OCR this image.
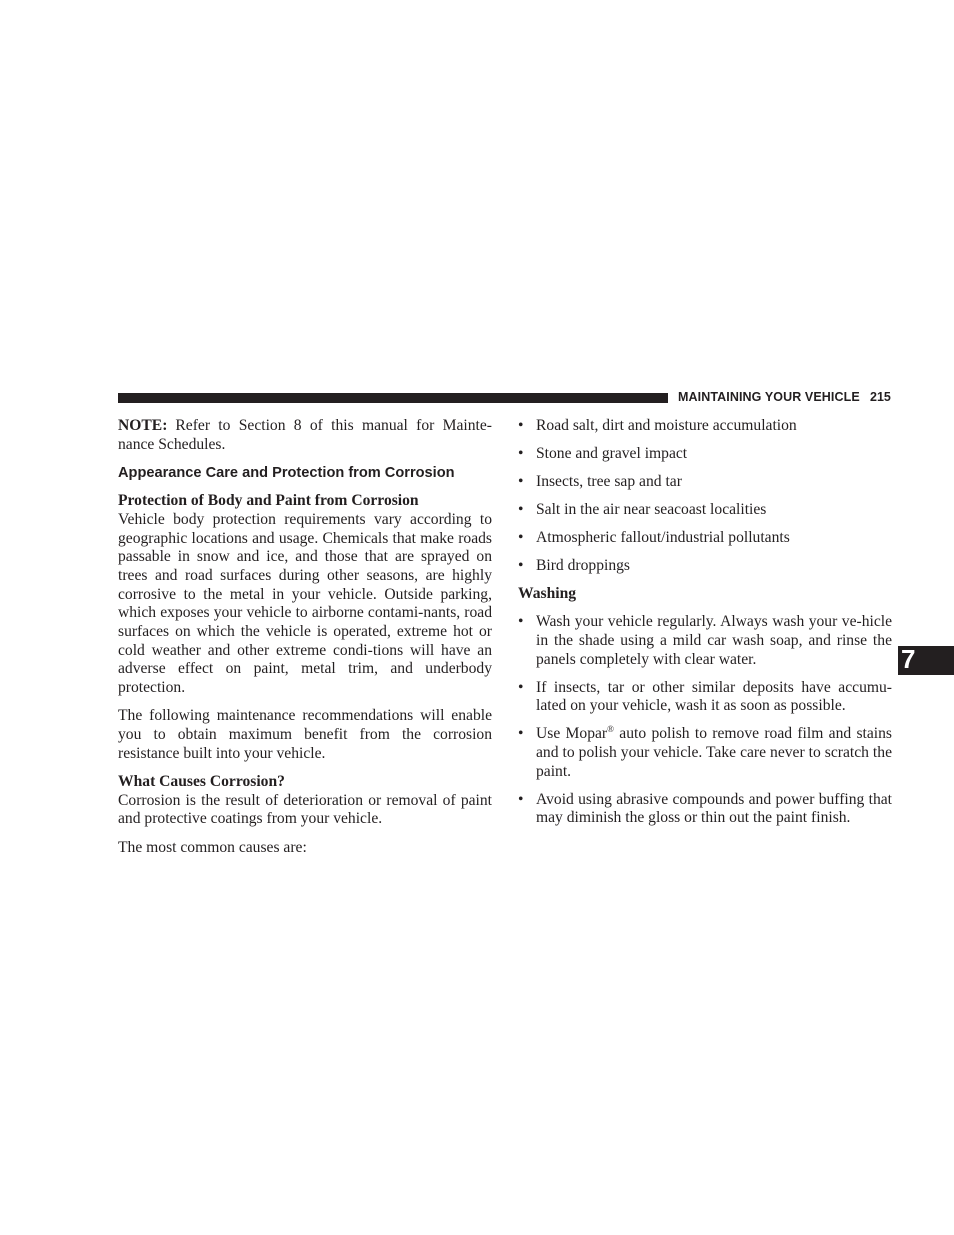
MAINTAINING YOUR VEHICLE 215
7

NOTE: Refer to Section 8 of this manual for Mainte-nance Schedules.

Appearance Care and Protection from Corrosion
Protection of Body and Paint from Corrosion

Vehicle body protection requirements vary according to geographic locations and usage. Chemicals that make roads passable in snow and ice, and those that are sprayed on trees and road surfaces during other seasons, are highly corrosive to the metal in your vehicle. Outside parking, which exposes your vehicle to airborne contami-nants, road surfaces on which the vehicle is operated, extreme hot or cold weather and other extreme condi-tions will have an adverse effect on paint, metal trim, and underbody protection.

The following maintenance recommendations will enable you to obtain maximum benefit from the corrosion resistance built into your vehicle.

What Causes Corrosion?

Corrosion is the result of deterioration or removal of paint and protective coatings from your vehicle.

The most common causes are:

• Road salt, dirt and moisture accumulation
• Stone and gravel impact
• Insects, tree sap and tar
• Salt in the air near seacoast localities
• Atmospheric fallout/industrial pollutants
• Bird droppings
Washing
• Wash your vehicle regularly. Always wash your ve-hicle in the shade using a mild car wash soap, and rinse the panels completely with clear water.
• If insects, tar or other similar deposits have accumu-lated on your vehicle, wash it as soon as possible.
• Use Mopar® auto polish to remove road film and stains and to polish your vehicle. Take care never to scratch the paint.
• Avoid using abrasive compounds and power buffing that may diminish the gloss or thin out the paint finish.
